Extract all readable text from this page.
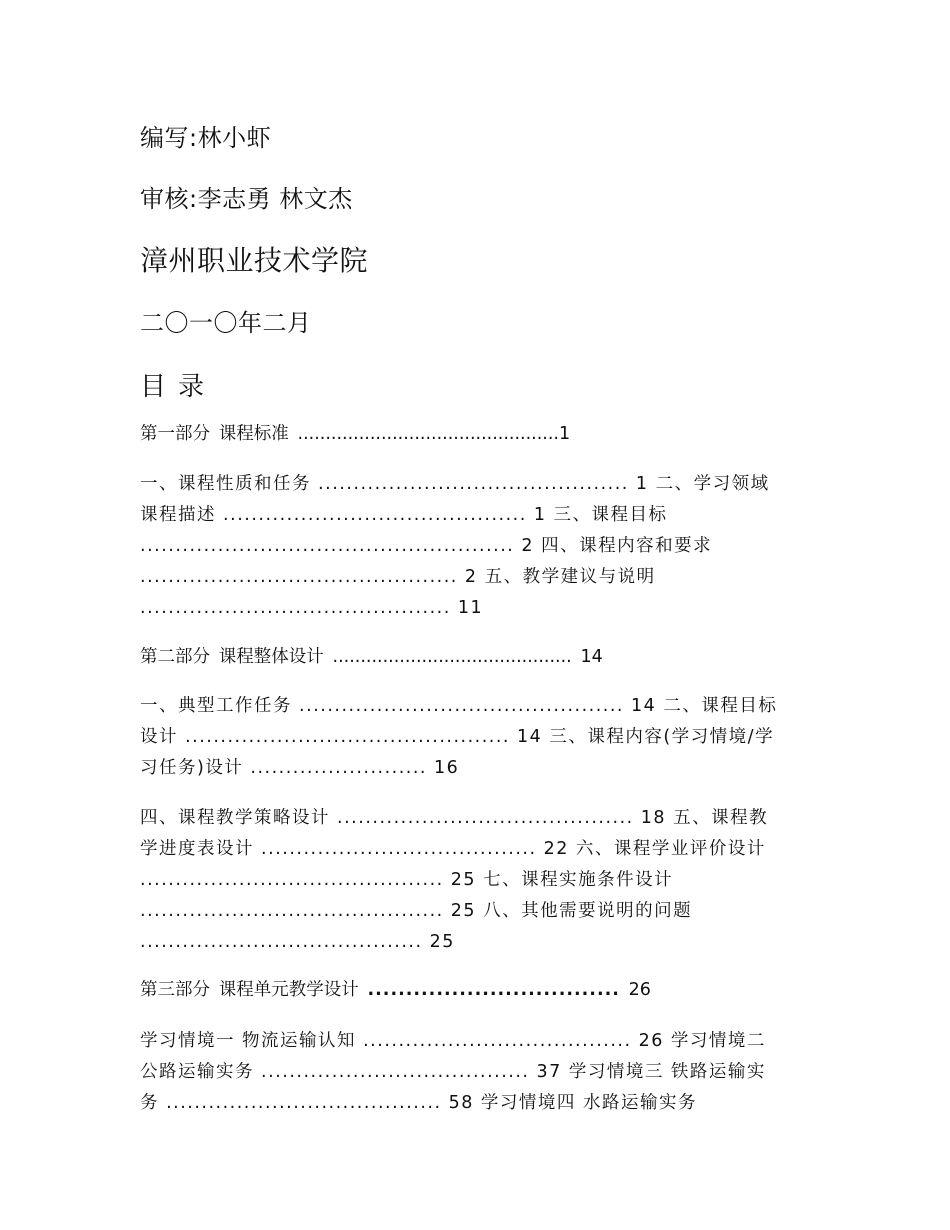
编写:林小虾

审核:李志勇 林文杰

漳州职业技术学院

二〇一〇年二月

目 录

第一部分 课程标准 ...............................................1

一、课程性质和任务 ............................................ 1 二、学习领域
课程描述 ........................................... 1 三、课程目标
..................................................... 2 四、课程内容和要求
............................................. 2 五、教学建议与说明
............................................ 11

第二部分 课程整体设计 ........................................... 14

一、典型工作任务 .............................................. 14 二、课程目标
设计 .............................................. 14 三、课程内容(学习情境/学
习任务)设计 ......................... 16
四、课程教学策略设计 .......................................... 18 五、课程教
学进度表设计 ....................................... 22 六、课程学业评价设计
........................................... 25 七、课程实施条件设计
........................................... 25 八、其他需要说明的问题
........................................ 25

第三部分 课程单元教学设计 ................................. 26

学习情境一 物流运输认知 ...................................... 26 学习情境二
公路运输实务 ...................................... 37 学习情境三 铁路运输实
务 ....................................... 58 学习情境四 水路运输实务
